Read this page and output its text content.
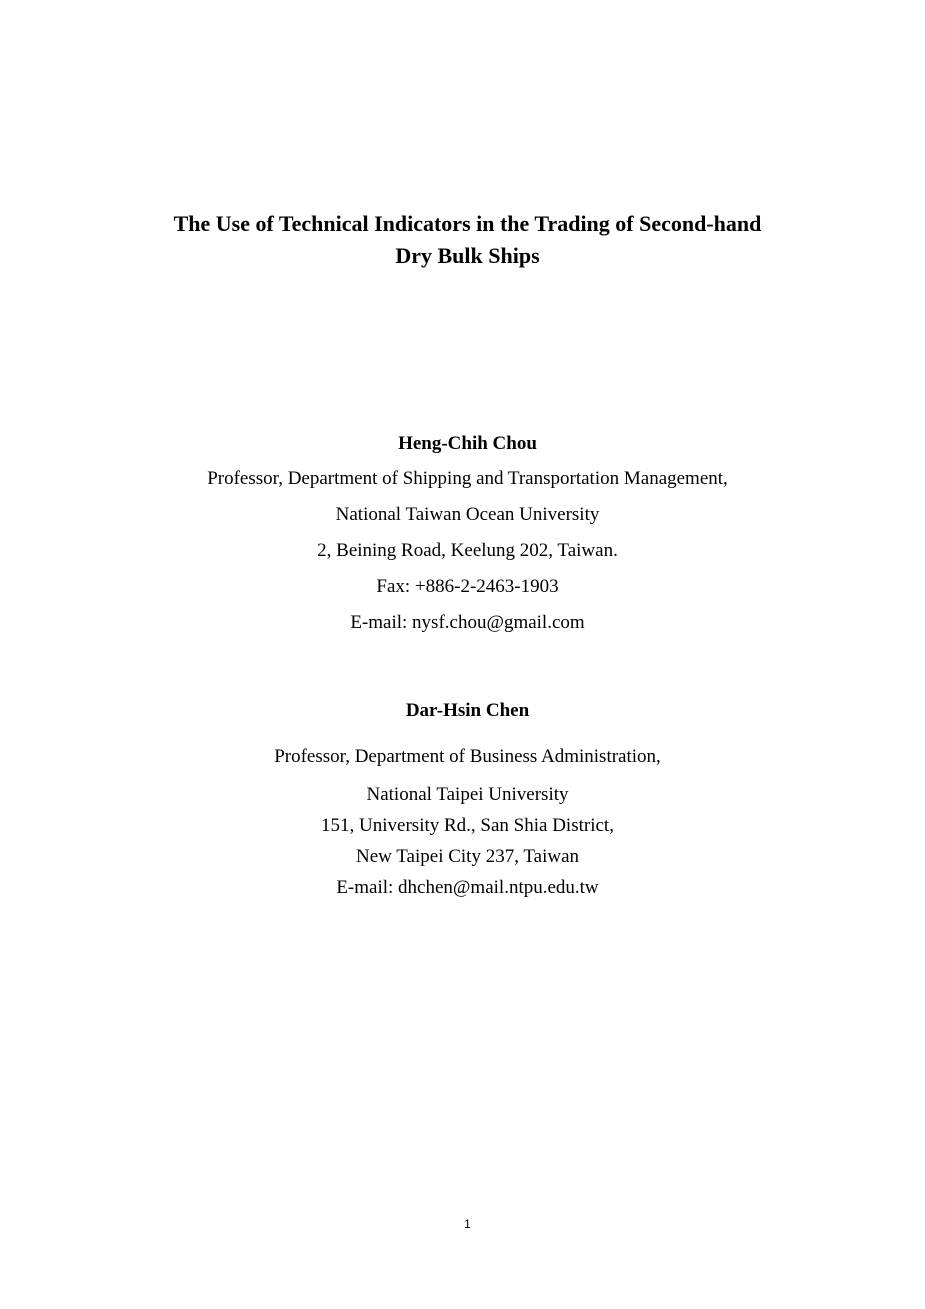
The Use of Technical Indicators in the Trading of Second-hand
Dry Bulk Ships
Heng-Chih Chou
Professor, Department of Shipping and Transportation Management,
National Taiwan Ocean University
2, Beining Road, Keelung 202, Taiwan.
Fax: +886-2-2463-1903
E-mail: nysf.chou@gmail.com
Dar-Hsin Chen
Professor, Department of Business Administration,
National Taipei University
151, University Rd., San Shia District,
New Taipei City 237, Taiwan
E-mail: dhchen@mail.ntpu.edu.tw
1
